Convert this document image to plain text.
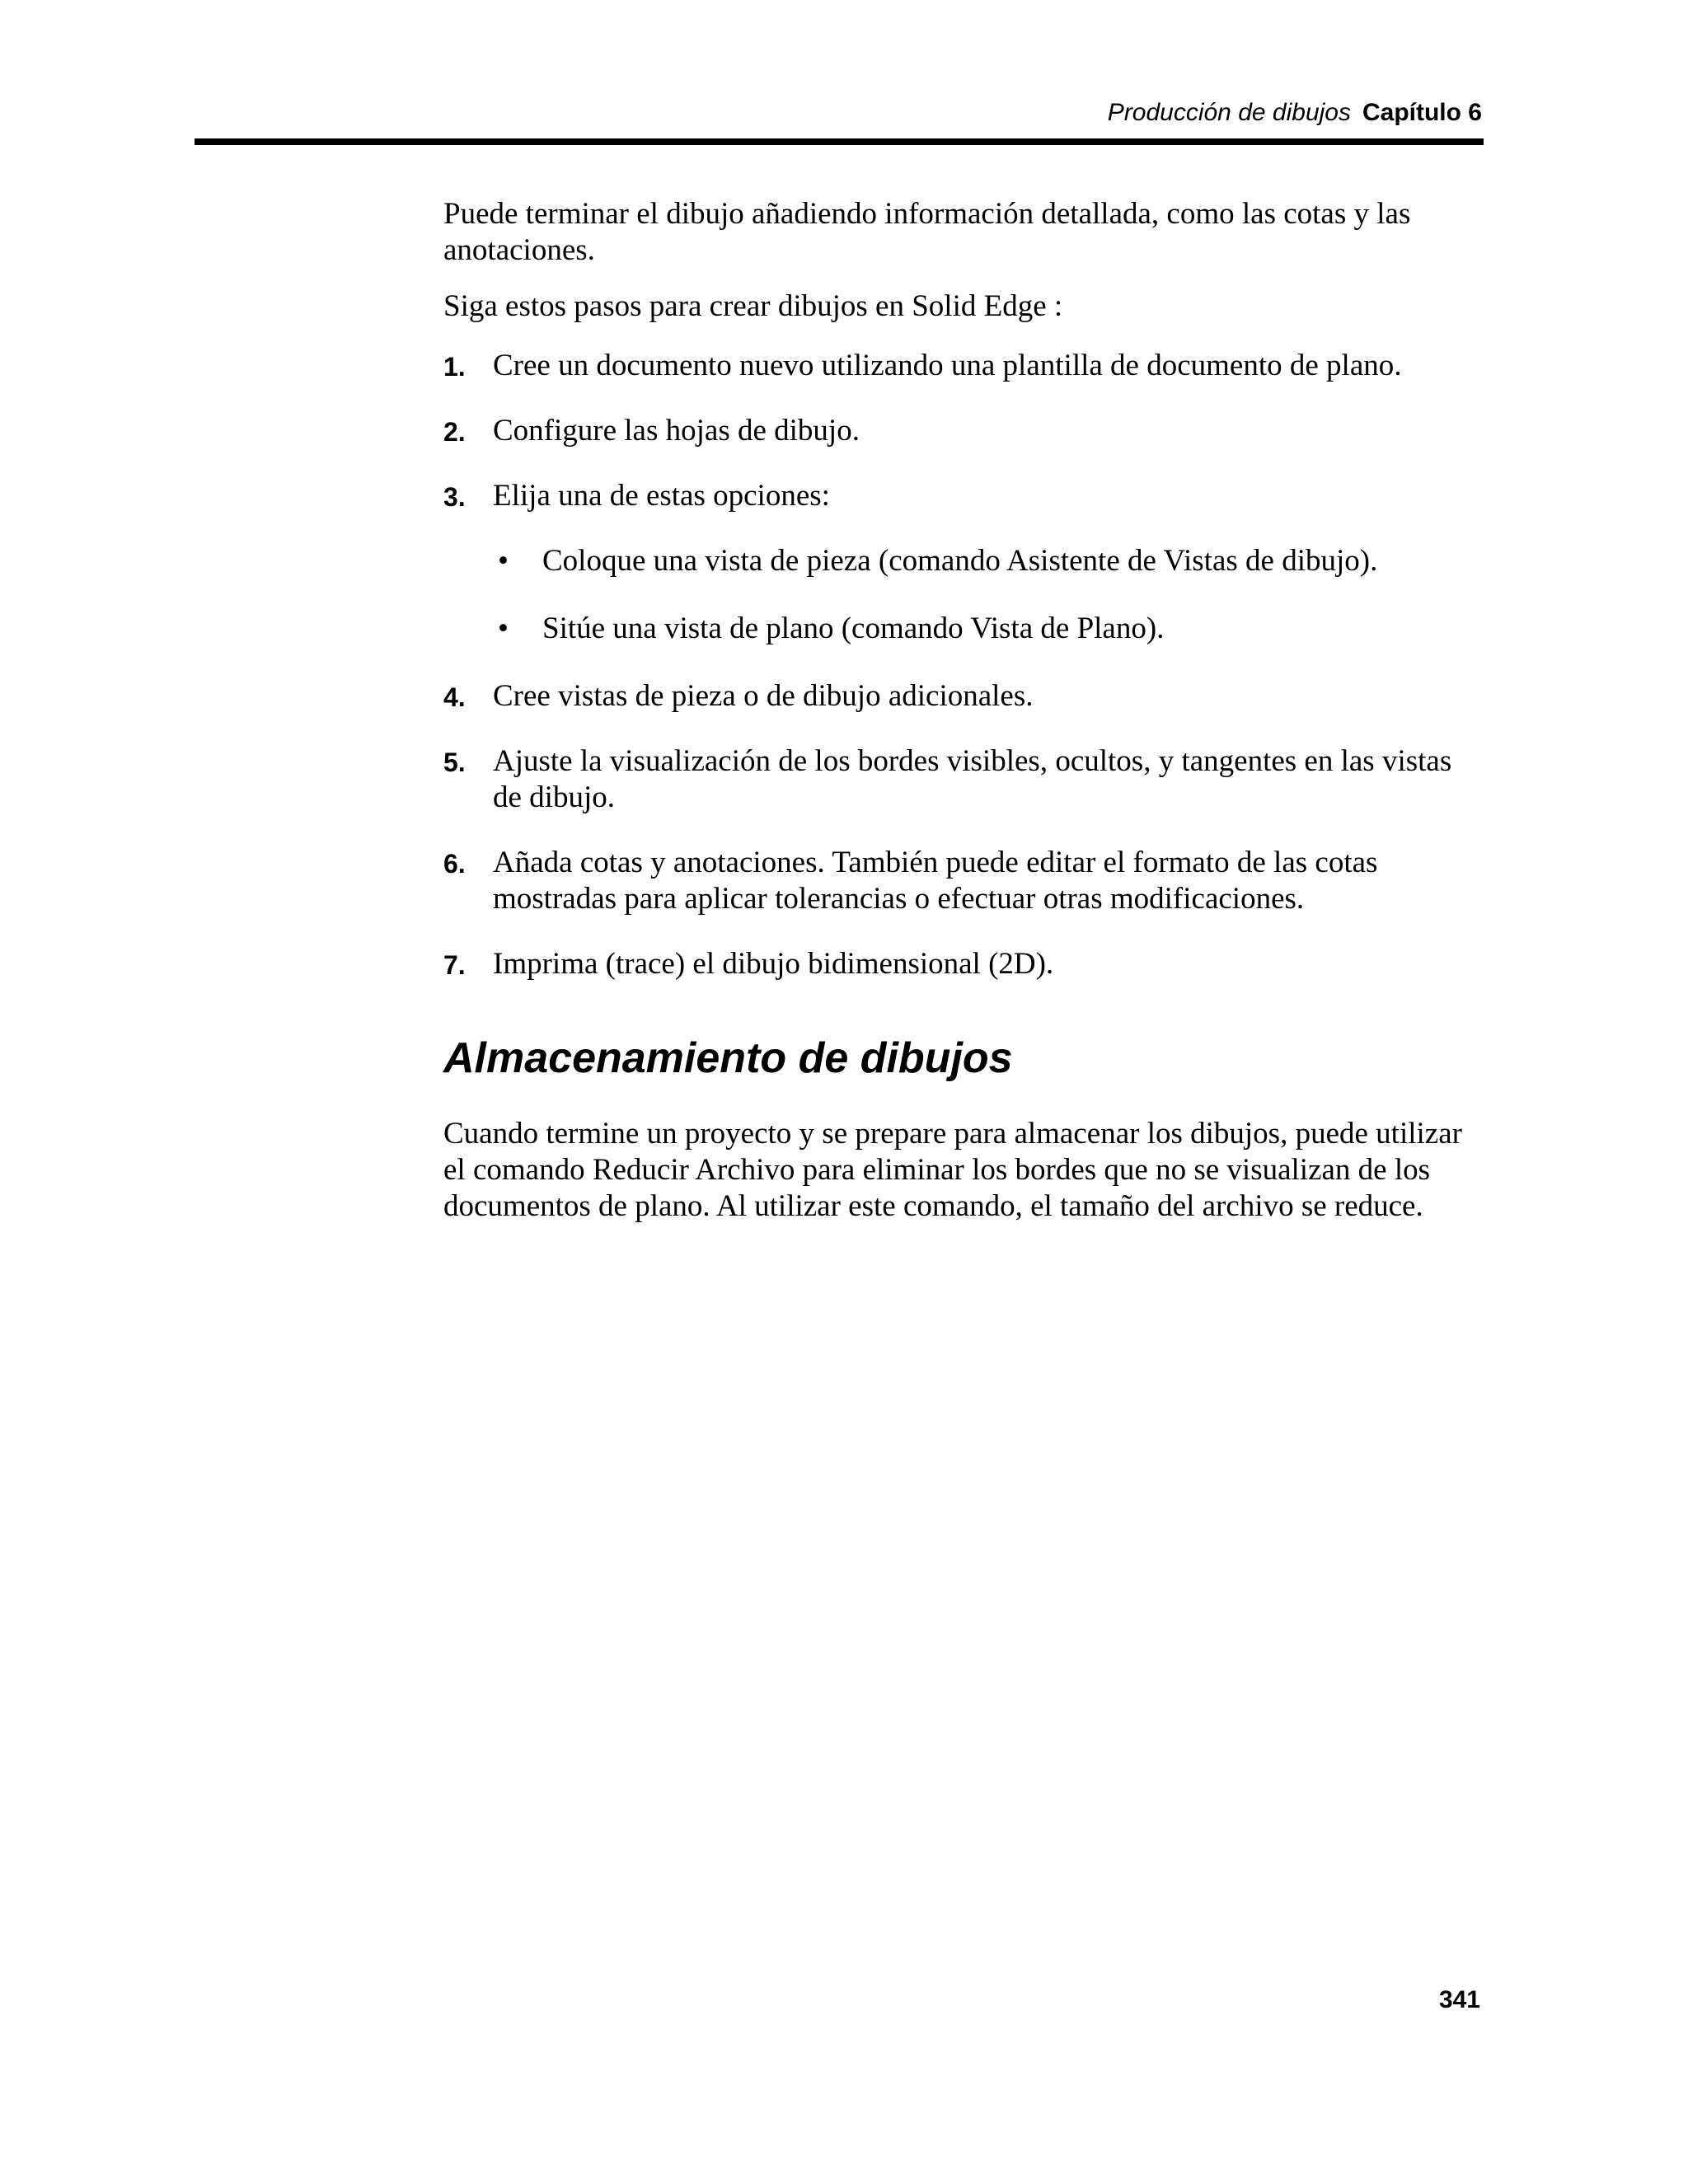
Producción de dibujos Capítulo 6

Puede terminar el dibujo añadiendo información detallada, como las cotas y las anotaciones.

Siga estos pasos para crear dibujos en Solid Edge :

1. Cree un documento nuevo utilizando una plantilla de documento de plano.
2. Configure las hojas de dibujo.
3. Elija una de estas opciones:
• Coloque una vista de pieza (comando Asistente de Vistas de dibujo).
• Sitúe una vista de plano (comando Vista de Plano).
4. Cree vistas de pieza o de dibujo adicionales.
5. Ajuste la visualización de los bordes visibles, ocultos, y tangentes en las vistas de dibujo.
6. Añada cotas y anotaciones. También puede editar el formato de las cotas mostradas para aplicar tolerancias o efectuar otras modificaciones.
7. Imprima (trace) el dibujo bidimensional (2D).
Almacenamiento de dibujos

Cuando termine un proyecto y se prepare para almacenar los dibujos, puede utilizar el comando Reducir Archivo para eliminar los bordes que no se visualizan de los documentos de plano. Al utilizar este comando, el tamaño del archivo se reduce.

341
